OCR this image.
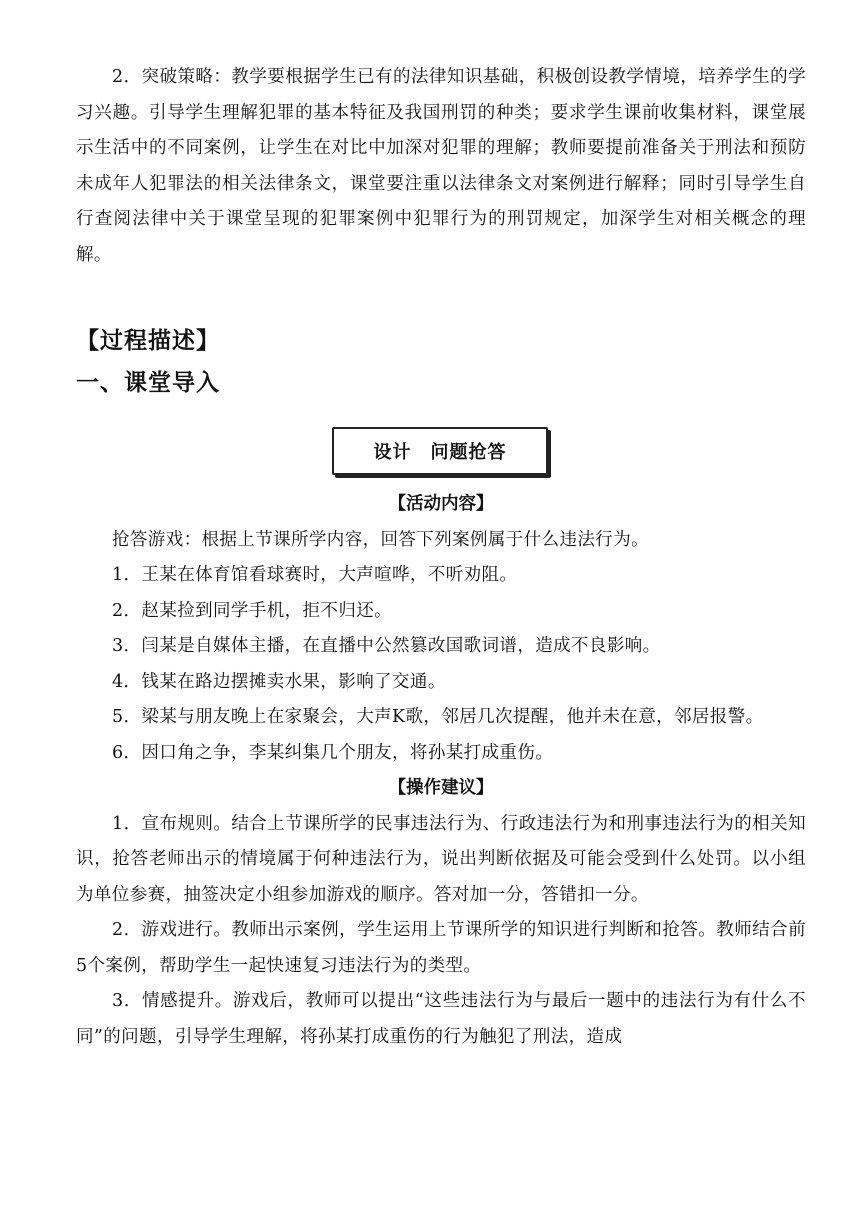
2．突破策略：教学要根据学生已有的法律知识基础，积极创设教学情境，培养学生的学习兴趣。引导学生理解犯罪的基本特征及我国刑罚的种类；要求学生课前收集材料，课堂展示生活中的不同案例，让学生在对比中加深对犯罪的理解；教师要提前准备关于刑法和预防未成年人犯罪法的相关法律条文，课堂要注重以法律条文对案例进行解释；同时引导学生自行查阅法律中关于课堂呈现的犯罪案例中犯罪行为的刑罚规定，加深学生对相关概念的理解。

【过程描述】
一、课堂导入
设计　问题抢答

【活动内容】

抢答游戏：根据上节课所学内容，回答下列案例属于什么违法行为。

1．王某在体育馆看球赛时，大声喧哗，不听劝阻。

2．赵某捡到同学手机，拒不归还。

3．闫某是自媒体主播，在直播中公然篡改国歌词谱，造成不良影响。

4．钱某在路边摆摊卖水果，影响了交通。

5．梁某与朋友晚上在家聚会，大声K歌，邻居几次提醒，他并未在意，邻居报警。

6．因口角之争，李某纠集几个朋友，将孙某打成重伤。

【操作建议】

1．宣布规则。结合上节课所学的民事违法行为、行政违法行为和刑事违法行为的相关知识，抢答老师出示的情境属于何种违法行为，说出判断依据及可能会受到什么处罚。以小组为单位参赛，抽签决定小组参加游戏的顺序。答对加一分，答错扣一分。

2．游戏进行。教师出示案例，学生运用上节课所学的知识进行判断和抢答。教师结合前5个案例，帮助学生一起快速复习违法行为的类型。

3．情感提升。游戏后，教师可以提出“这些违法行为与最后一题中的违法行为有什么不同”的问题，引导学生理解，将孙某打成重伤的行为触犯了刑法，造成
